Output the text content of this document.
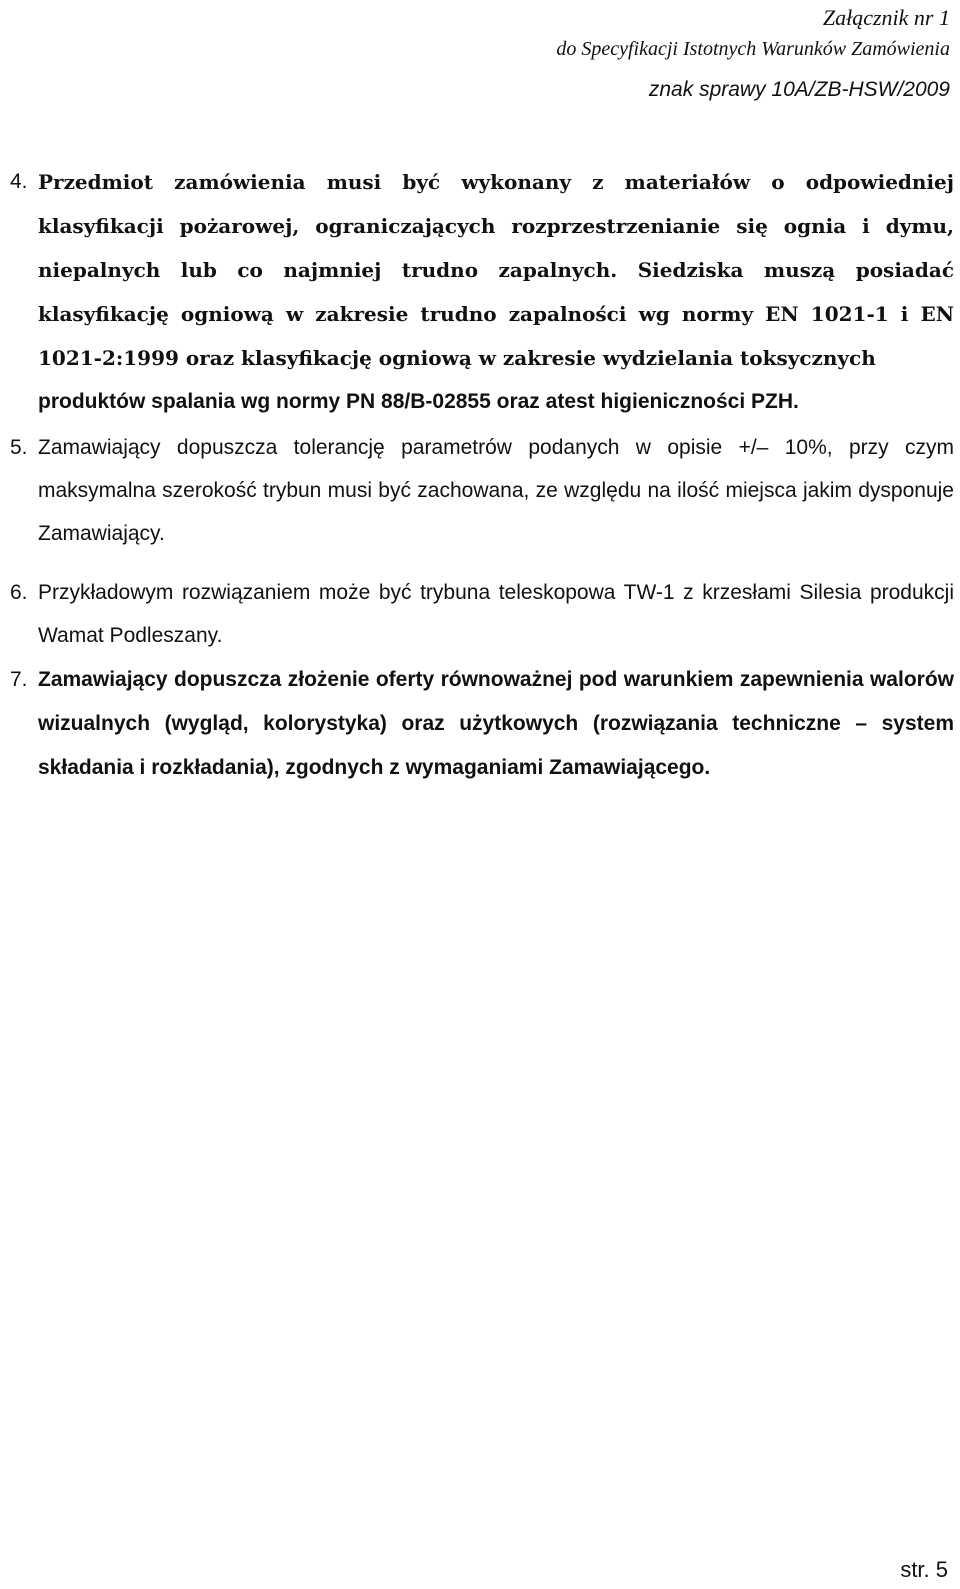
Załącznik nr 1
do Specyfikacji Istotnych Warunków Zamówienia
znak sprawy 10A/ZB-HSW/2009
4. Przedmiot zamówienia musi być wykonany z materiałów o odpowiedniej klasyfikacji pożarowej, ograniczających rozprzestrzenianie się ognia i dymu, niepalnych lub co najmniej trudno zapalnych. Siedziska muszą posiadać klasyfikację ogniową w zakresie trudno zapalności wg normy EN 1021-1 i EN 1021-2:1999 oraz klasyfikację ogniową w zakresie wydzielania toksycznych

produktów spalania wg normy PN 88/B-02855 oraz atest higieniczności PZH.

5. Zamawiający dopuszcza tolerancję parametrów podanych w opisie +/– 10%, przy czym maksymalna szerokość trybun musi być zachowana, ze względu na ilość miejsca jakim dysponuje Zamawiający.

6. Przykładowym rozwiązaniem może być trybuna teleskopowa TW-1 z krzesłami Silesia produkcji Wamat Podleszany.

7. Zamawiający dopuszcza złożenie oferty równoważnej pod warunkiem zapewnienia walorów wizualnych (wygląd, kolorystyka) oraz użytkowych (rozwiązania techniczne – system składania i rozkładania), zgodnych z wymaganiami Zamawiającego.

str. 5
